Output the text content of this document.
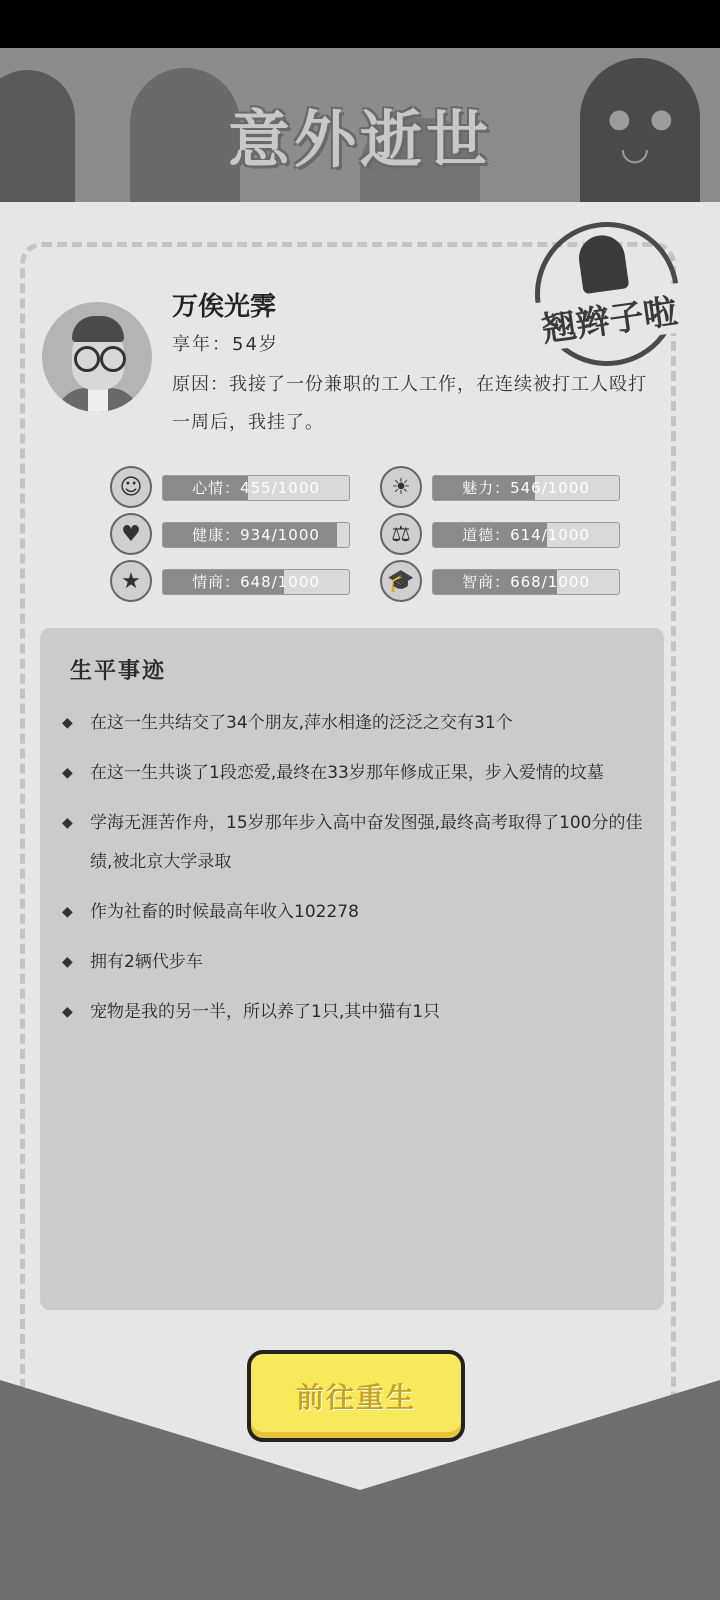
● ●
◡
意外逝世
翘辫子啦
万俟光霁
享年：54岁
原因：我接了一份兼职的工人工作，在连续被打工人殴打一周后，我挂了。
☺	心情：455/1000	☀	魅力：546/1000
♥	健康：934/1000	⚖	道德：614/1000
★	情商：648/1000	🎓	智商：668/1000
生平事迹
◆ 在这一生共结交了34个朋友,萍水相逢的泛泛之交有31个
◆ 在这一生共谈了1段恋爱,最终在33岁那年修成正果，步入爱情的坟墓
◆ 学海无涯苦作舟，15岁那年步入高中奋发图强,最终高考取得了100分的佳绩,被北京大学录取
◆ 作为社畜的时候最高年收入102278
◆ 拥有2辆代步车
◆ 宠物是我的另一半，所以养了1只,其中猫有1只
前往重生
